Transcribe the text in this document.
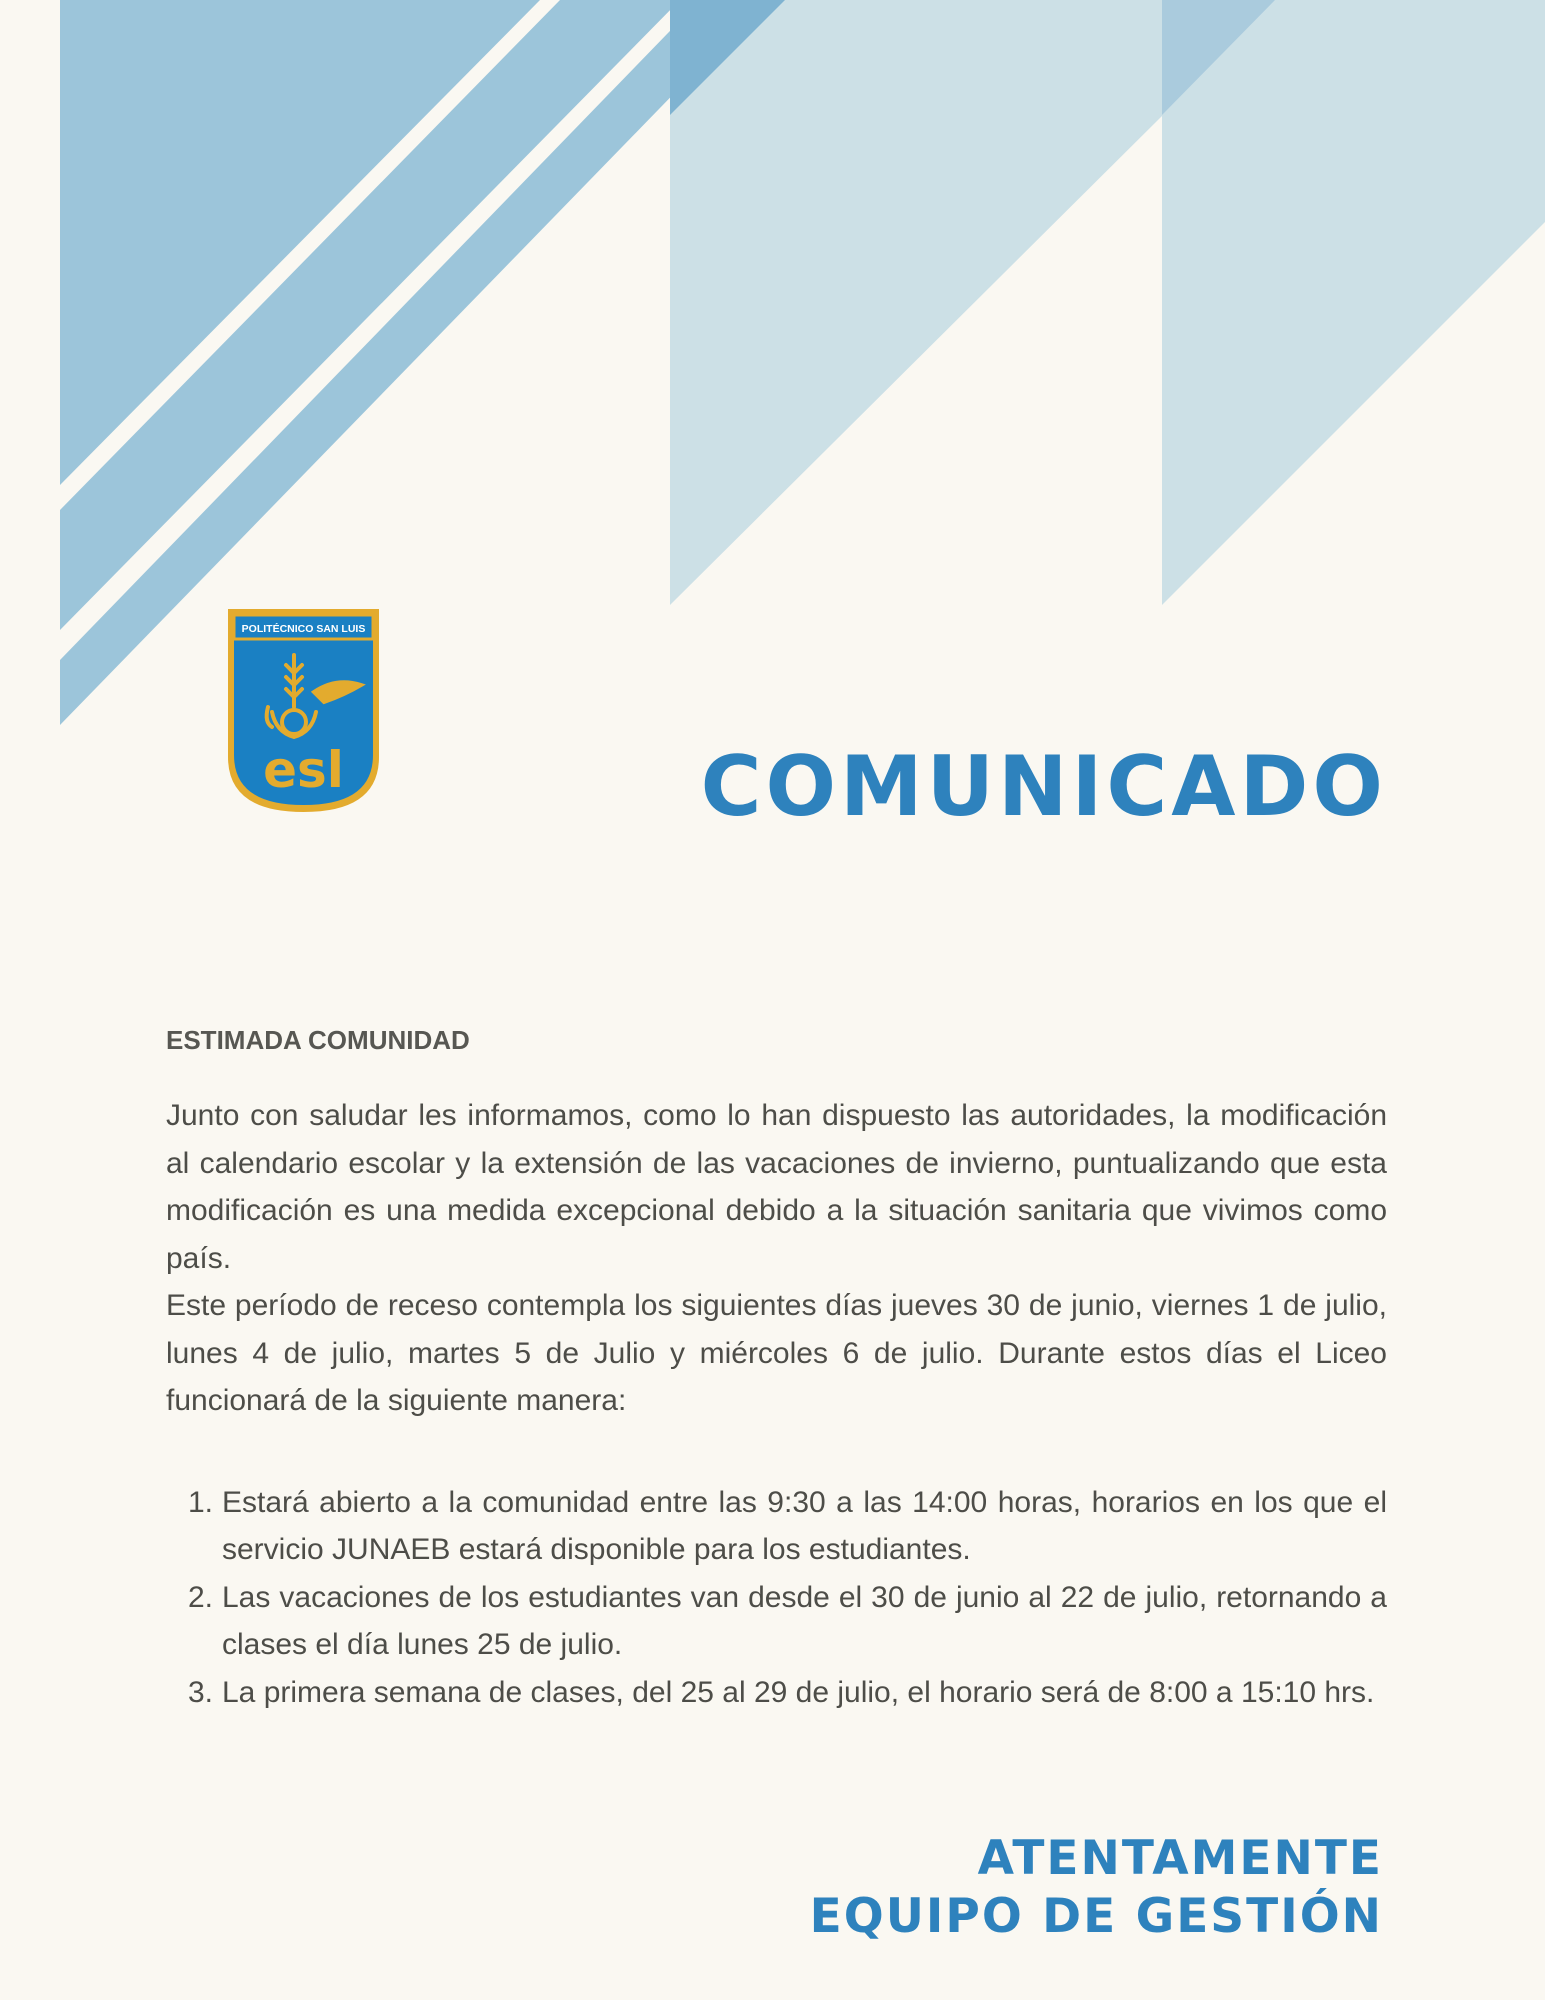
POLITÉCNICO SAN LUIS
esl	COMUNICADO

ESTIMADA COMUNIDAD

Junto con saludar les informamos, como lo han dispuesto las autoridades, la modificación al calendario escolar y la extensión de las vacaciones de invierno, puntualizando que esta modificación es una medida excepcional debido a la situación sanitaria que vivimos como país.

Este período de receso contempla los siguientes días jueves 30 de junio, viernes 1 de julio, lunes 4 de julio, martes 5 de Julio y miércoles 6 de julio. Durante estos días el Liceo funcionará de la siguiente manera:

1. Estará abierto a la comunidad entre las 9:30 a las 14:00 horas, horarios en los que el servicio JUNAEB estará disponible para los estudiantes.
2. Las vacaciones de los estudiantes van desde el 30 de junio al 22 de julio, retornando a clases el día lunes 25 de julio.
3. La primera semana de clases, del 25 al 29 de julio, el horario será de 8:00 a 15:10 hrs.
ATENTAMENTE
EQUIPO DE GESTIÓN
